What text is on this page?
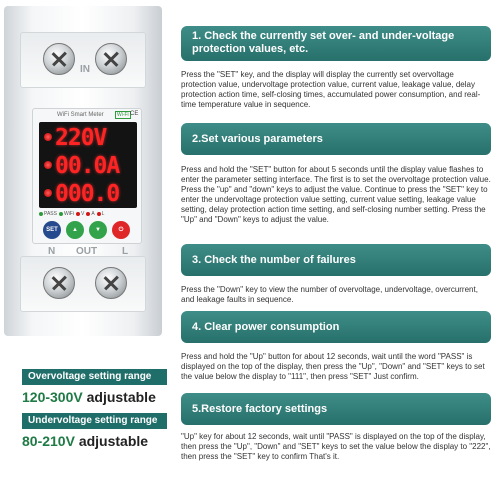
IN
WiFi Smart Meter	Wi-Fi CE
220V
00.0A
000.0
PASS WiFi V A L
SET	▲	▼	⏻
N OUT L
Overvoltage setting range
120-300V adjustable
Undervoltage setting range
80-210V adjustable
1. Check the currently set over- and under-voltage protection values, etc.
Press the "SET" key, and the display will display the currently set overvoltage protection value, undervoltage protection value, current value, leakage value, delay protection action time, self-closing times, accumulated power consumption, and real-time temperature value in sequence.
2.Set various parameters
Press and hold the "SET" button for about 5 seconds until the display value flashes to enter the parameter setting interface. The first is to set the overvoltage protection value. Press the "up" and "down" keys to adjust the value. Continue to press the "SET" key to enter the undervoltage protection value setting, current value setting, leakage value setting, delay protection action time setting, and self-closing number setting. Press the "Up" and "Down" keys to adjust the value.
3. Check the number of failures
Press the "Down" key to view the number of overvoltage, undervoltage, overcurrent, and leakage faults in sequence.
4. Clear power consumption
Press and hold the "Up" button for about 12 seconds, wait until the word "PASS" is displayed on the top of the display, then press the "Up", "Down" and "SET" keys to set the value below the display to "111", then press "SET" Just confirm.
5.Restore factory settings
"Up" key for about 12 seconds, wait until "PASS" is displayed on the top of the display, then press the "Up", "Down" and "SET" keys to set the value below the display to "222", then press the "SET" key to confirm That's it.
